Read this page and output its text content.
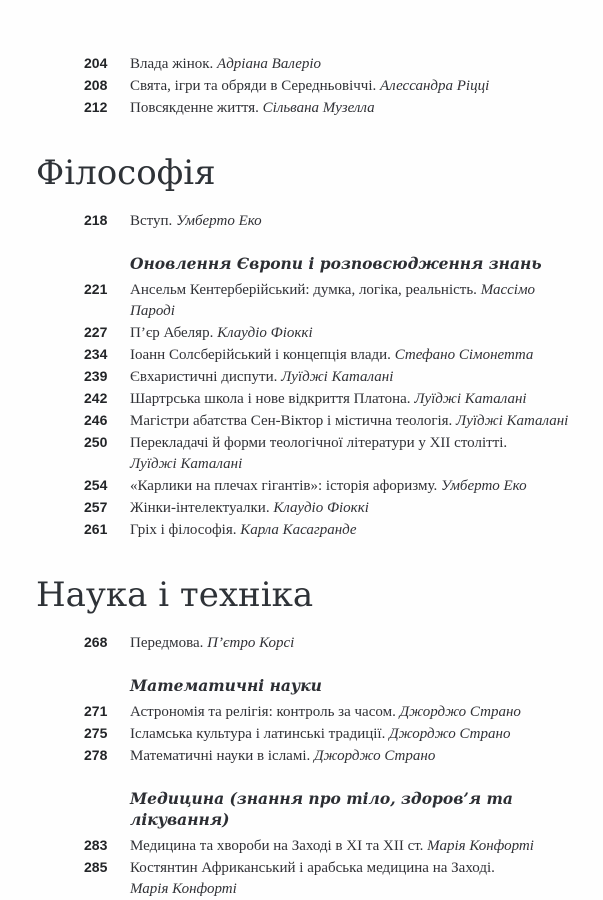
204	Влада жінок. Адріана Валеріо
208	Свята, ігри та обряди в Середньовіччі. Алессандра Ріцці
212	Повсякденне життя. Сільвана Музелла
Філософія
218	Вступ. Умберто Еко
Оновлення Європи і розповсюдження знань
221	Ансельм Кентерберійський: думка, логіка, реальність. Массімо Пароді
227	П’єр Абеляр. Клаудіо Фіоккі
234	Іоанн Солсберійський і концепція влади. Стефано Сімонетта
239	Євхаристичні диспути. Луїджі Каталані
242	Шартрська школа і нове відкриття Платона. Луїджі Каталані
246	Магістри абатства Сен-Віктор і містична теологія. Луїджі Каталані
250	Перекладачі й форми теологічної літератури у XII столітті.
Луїджі Каталані
254	«Карлики на плечах гігантів»: історія афоризму. Умберто Еко
257	Жінки-інтелектуалки. Клаудіо Фіоккі
261	Гріх і філософія. Карла Касагранде
Наука і техніка
268	Передмова. П’єтро Корсі
Математичні науки
271	Астрономія та релігія: контроль за часом. Джорджо Страно
275	Ісламська культура і латинські традиції. Джорджо Страно
278	Математичні науки в ісламі. Джорджо Страно
Медицина (знання про тіло, здоров’я та лікування)
283	Медицина та хвороби на Заході в XI та XII ст. Марія Конфорті
285	Костянтин Африканський і арабська медицина на Заході.
Марія Конфорті
